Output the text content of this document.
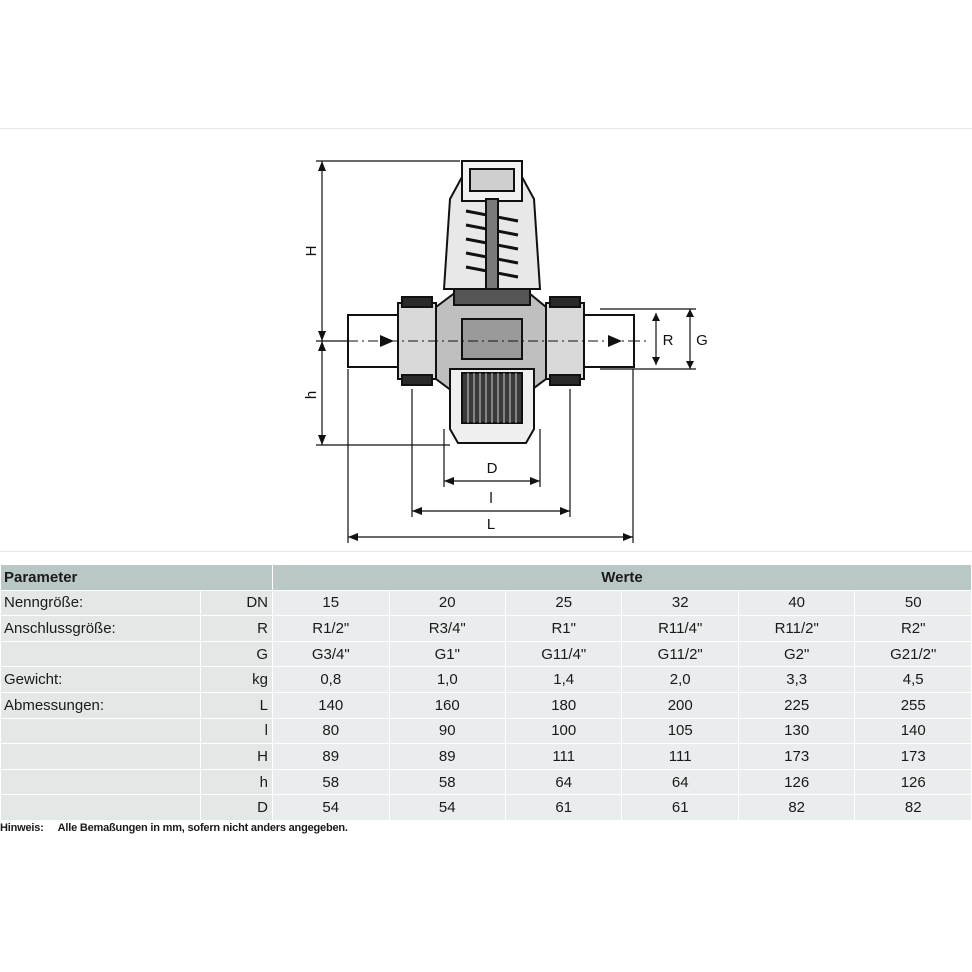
H
h
R G
D
l
L
Parameter		Werte					
Nenngröße:	DN	15	20	25	32	40	50
Anschlussgröße:	R	R1/2"	R3/4"	R1"	R11/4"	R11/2"	R2"
	G	G3/4"	G1"	G11/4"	G11/2"	G2"	G21/2"
Gewicht:	kg	0,8	1,0	1,4	2,0	3,3	4,5
Abmessungen:	L	140	160	180	200	225	255
	l	80	90	100	105	130	140
	H	89	89	111	111	173	173
	h	58	58	64	64	126	126
	D	54	54	61	61	82	82
Hinweis: Alle Bemaßungen in mm, sofern nicht anders angegeben.
